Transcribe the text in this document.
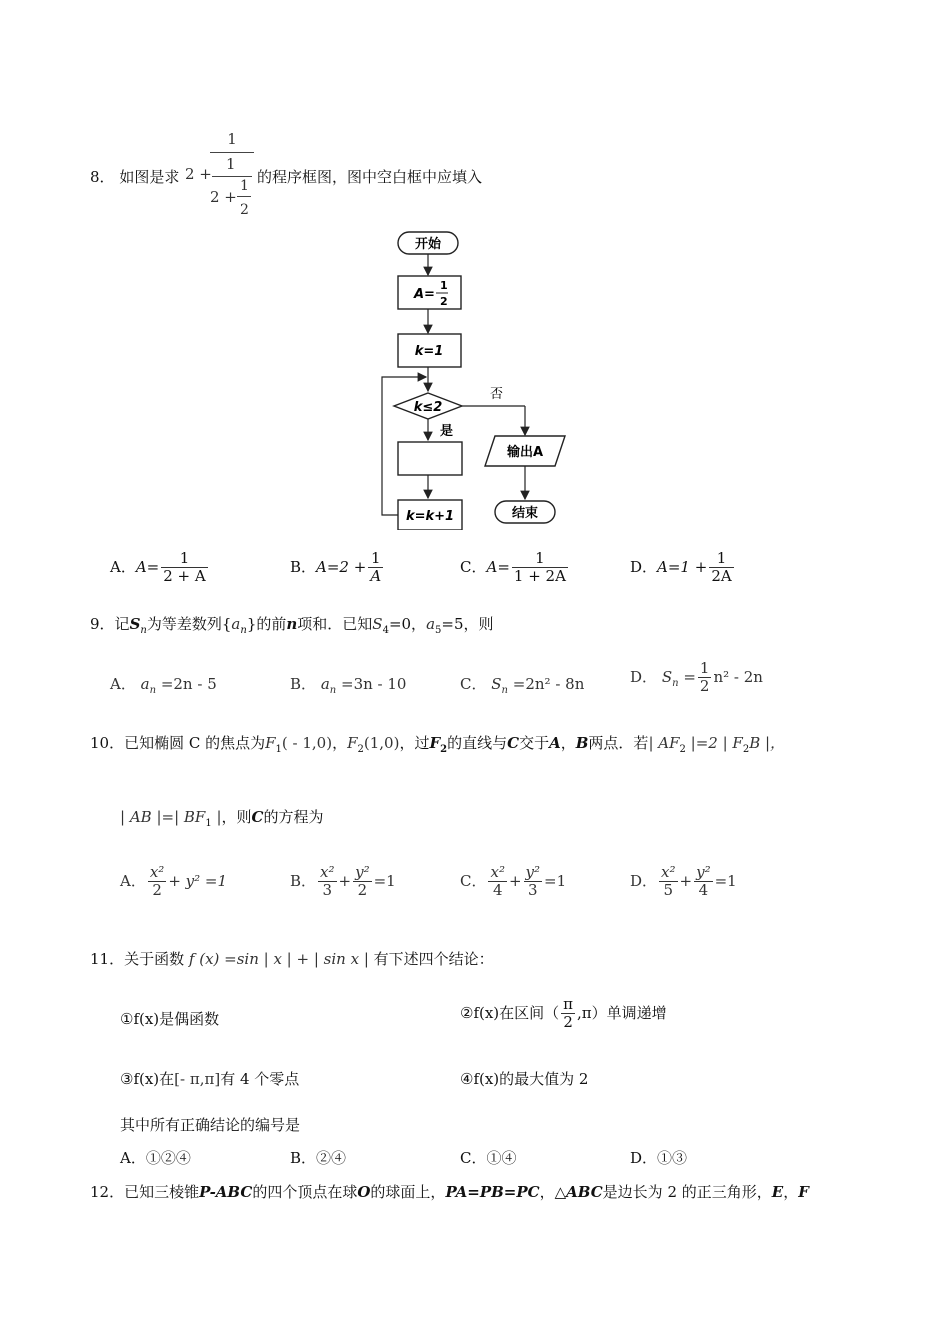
8． 如图是求 2 +
1
1
2 +
1
2
的程序框图，图中空白框中应填入
开始
A=
1
2
k=1
k≤2
否
是
k=k+1
输出A
结束
A．$A= \frac{1}{2 + A}$	B．$A=2 + \frac{1}{A}$	C．$A= \frac{1}{1 + 2A}$	D．$A=1 + \frac{1}{2A}$
9．记$S_n$为等差数列$\{a_n\}$的前n项和．已知$S_4=0$，$a_5=5$，则
A． $a_n =2n - 5$	B． $a_n =3n - 10$	C． $S_n =2n^2 - 8n$	D． $S_n = \frac{1}{2} n^2 - 2n$
10．已知椭圆 C 的焦点为$F_1( - 1,0)$，$F_2(1,0)$，过$F_2$的直线与C交于A，B两点．若| $AF_2$ |=2 | $F_2B$ |，
| AB |=| $BF_1$ |，则C的方程为
A． $\frac{\text{x²}}{2} + y^2 =1$	B． $\frac{\text{x²}}{3} + \frac{\text{y²}}{2} =1$	C． $\frac{\text{x²}}{4} + \frac{\text{y²}}{3} =1$	D． $\frac{\text{x²}}{5} + \frac{\text{y²}}{4} =1$
11．关于函数 f (x) =sin | x | + | sin x | 有下述四个结论：
①f(x)是偶函数	②f(x)在区间（ $\frac{\pi}{2} ,\pi$）单调递增
③f(x)在[- π,π]有 4 个零点	④f(x)的最大值为 2
其中所有正确结论的编号是
A．①②④	B．②④	C．①④	D．①③
12．已知三棱锥P-ABC的四个顶点在球O的球面上，PA=PB=PC，△ABC是边长为 2 的正三角形，E，F
